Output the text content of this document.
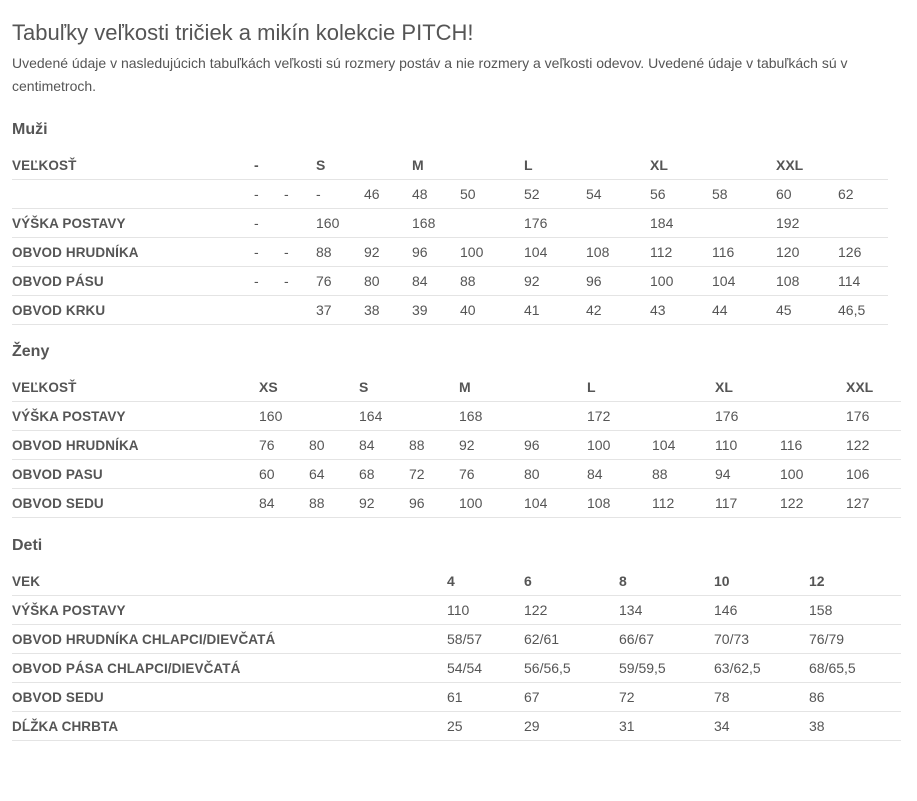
Tabuľky veľkosti tričiek a mikín kolekcie PITCH!

Uvedené údaje v nasledujúcich tabuľkách veľkosti sú rozmery postáv a nie rozmery a veľkosti odevov. Uvedené údaje v tabuľkách sú v centimetroch.

Muži
VEĽKOSŤ	-		S		M		L		XL		XXL		
	-	-	-	46	48	50	52	54	56	58	60	62	
VÝŠKA POSTAVY	-		160		168		176		184		192		
OBVOD HRUDNÍKA	-	-	88	92	96	100	104	108	112	116	120	126	
OBVOD PÁSU	-	-	76	80	84	88	92	96	100	104	108	114	
OBVOD KRKU			37	38	39	40	41	42	43	44	45	46,5	
Ženy
VEĽKOSŤ	XS		S		M		L		XL		XXL
VÝŠKA POSTAVY	160		164		168		172		176		176
OBVOD HRUDNÍKA	76	80	84	88	92	96	100	104	110	116	122
OBVOD PASU	60	64	68	72	76	80	84	88	94	100	106
OBVOD SEDU	84	88	92	96	100	104	108	112	117	122	127
Deti
VEK	4	6	8	10	12
VÝŠKA POSTAVY	110	122	134	146	158
OBVOD HRUDNÍKA CHLAPCI/DIEVČATÁ	58/57	62/61	66/67	70/73	76/79
OBVOD PÁSA CHLAPCI/DIEVČATÁ	54/54	56/56,5	59/59,5	63/62,5	68/65,5
OBVOD SEDU	61	67	72	78	86
DĹŽKA CHRBTA	25	29	31	34	38
